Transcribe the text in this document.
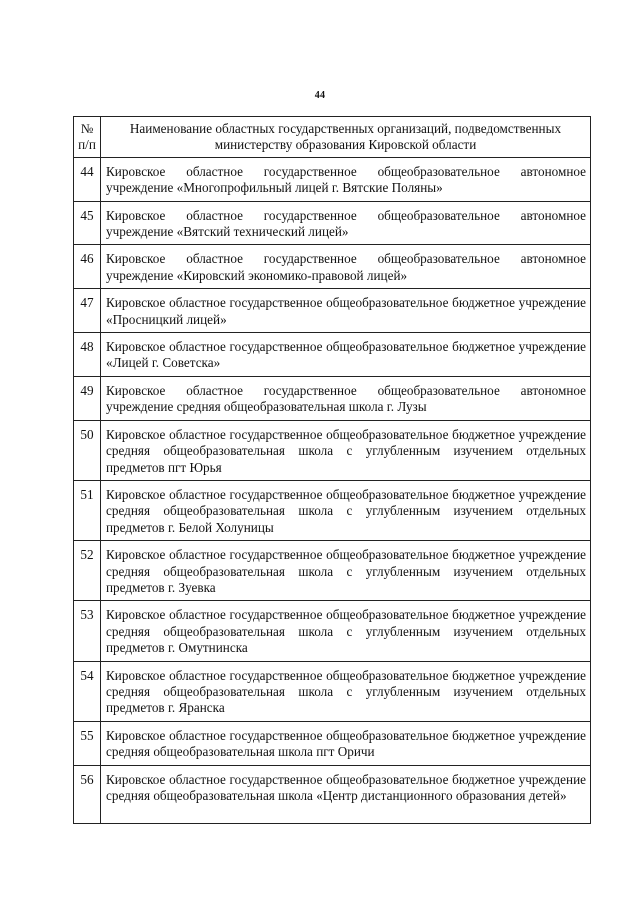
44
№ п/п	Наименование областных государственных организаций, подведомственных министерству образования Кировской области
44	Кировское областное государственное общеобразовательное автономное учреждение «Многопрофильный лицей г. Вятские Поляны»
45	Кировское областное государственное общеобразовательное автономное учреждение «Вятский технический лицей»
46	Кировское областное государственное общеобразовательное автономное учреждение «Кировский экономико-правовой лицей»
47	Кировское областное государственное общеобразовательное бюджетное учреждение «Просницкий лицей»
48	Кировское областное государственное общеобразовательное бюджетное учреждение «Лицей г. Советска»
49	Кировское областное государственное общеобразовательное автономное учреждение средняя общеобразовательная школа г. Лузы
50	Кировское областное государственное общеобразовательное бюджетное учреждение средняя общеобразовательная школа с углубленным изучением отдельных предметов пгт Юрья
51	Кировское областное государственное общеобразовательное бюджетное учреждение средняя общеобразовательная школа с углубленным изучением отдельных предметов г. Белой Холуницы
52	Кировское областное государственное общеобразовательное бюджетное учреждение средняя общеобразовательная школа с углубленным изучением отдельных предметов г. Зуевка
53	Кировское областное государственное общеобразовательное бюджетное учреждение средняя общеобразовательная школа с углубленным изучением отдельных предметов г. Омутнинска
54	Кировское областное государственное общеобразовательное бюджетное учреждение средняя общеобразовательная школа с углубленным изучением отдельных предметов г. Яранска
55	Кировское областное государственное общеобразовательное бюджетное учреждение средняя общеобразовательная школа пгт Оричи
56	Кировское областное государственное общеобразовательное бюджетное учреждение средняя общеобразовательная школа «Центр дистанционного образования детей»
